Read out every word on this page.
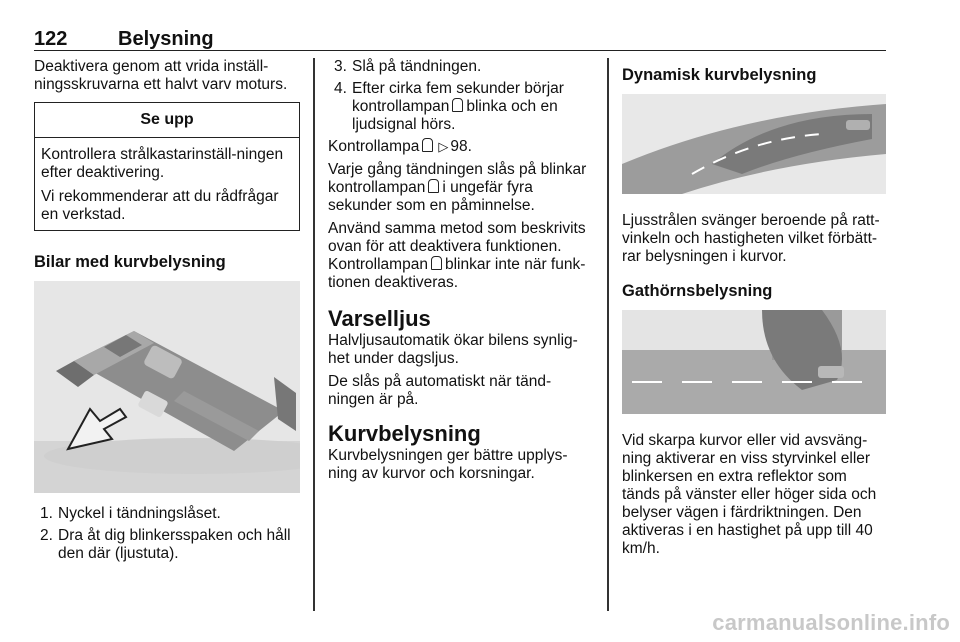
122	Belysning

Deaktivera genom att vrida inställ-ningsskruvarna ett halvt varv moturs.

Se upp

Kontrollera strålkastarinställ-ningen efter deaktivering.

Vi rekommenderar att du rådfrågar en verkstad.

Bilar med kurvbelysning
1. Nyckel i tändningslåset.
2. Dra åt dig blinkersspaken och håll den där (ljustuta).
3. Slå på tändningen.
4. Efter cirka fem sekunder börjar kontrollampan blinka och en ljudsignal hörs.

Kontrollampa ▷ 98.

Varje gång tändningen slås på blinkar kontrollampan i ungefär fyra sekunder som en påminnelse.

Använd samma metod som beskrivits ovan för att deaktivera funktionen. Kontrollampan blinkar inte när funk-tionen deaktiveras.

Varselljus

Halvljusautomatik ökar bilens synlig-het under dagsljus.

De slås på automatiskt när tänd-ningen är på.

Kurvbelysning

Kurvbelysningen ger bättre upplys-ning av kurvor och korsningar.

Dynamisk kurvbelysning

Ljusstrålen svänger beroende på ratt-vinkeln och hastigheten vilket förbätt-rar belysningen i kurvor.

Gathörnsbelysning

Vid skarpa kurvor eller vid avsväng-ning aktiverar en viss styrvinkel eller blinkersen en extra reflektor som tänds på vänster eller höger sida och belyser vägen i färdriktningen. Den aktiveras i en hastighet på upp till 40 km/h.

carmanualsonline.info
